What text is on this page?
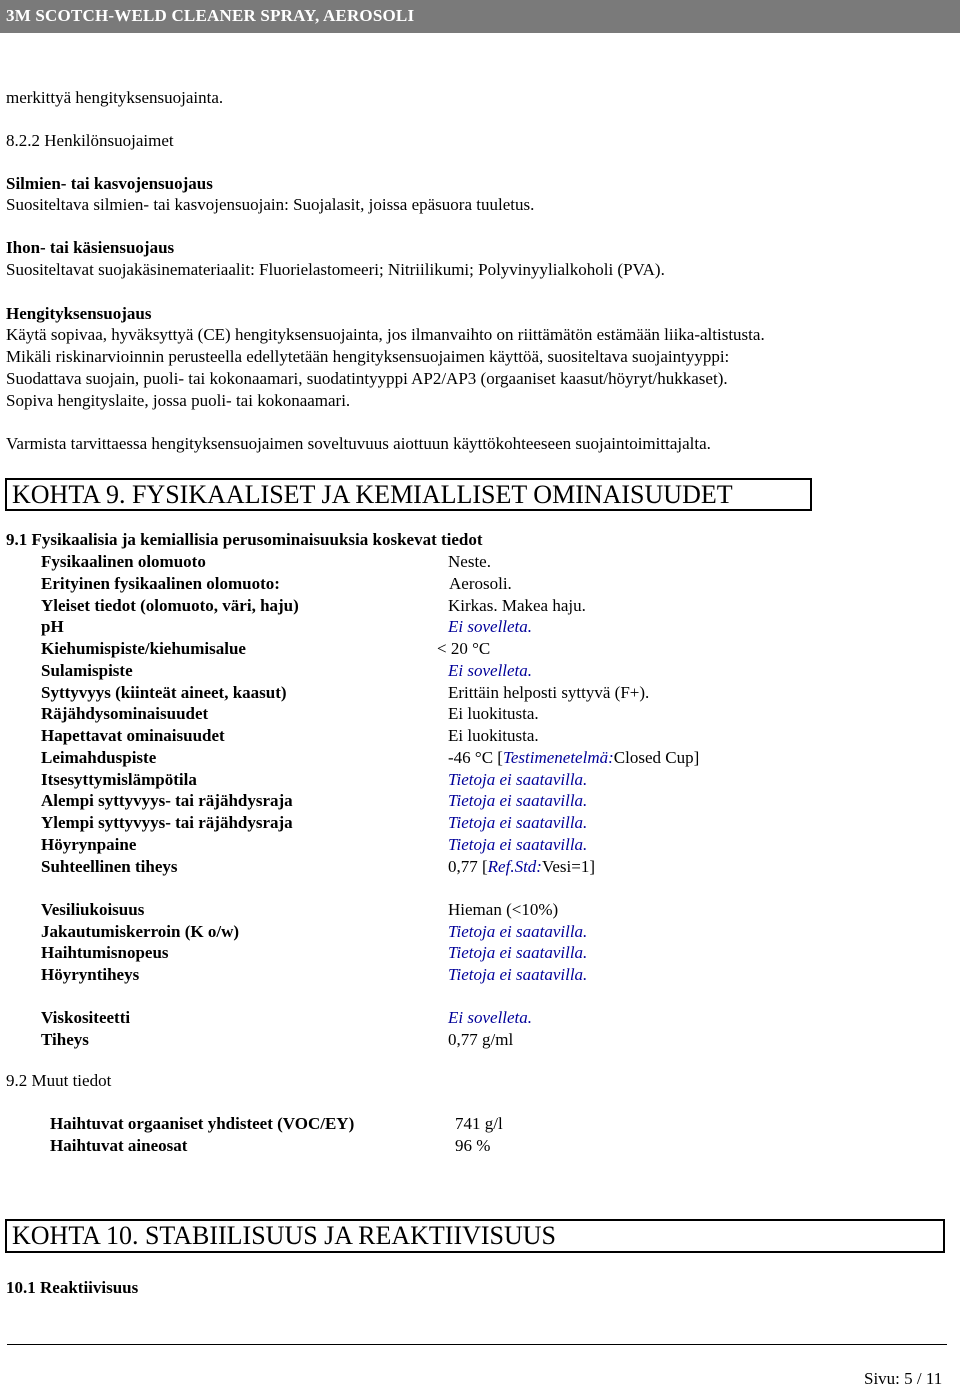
3M SCOTCH-WELD CLEANER SPRAY, AEROSOLI
merkittyä hengityksensuojainta.
8.2.2 Henkilönsuojaimet
Silmien- tai kasvojensuojaus
Suositeltava silmien- tai kasvojensuojain: Suojalasit, joissa epäsuora tuuletus.
Ihon- tai käsiensuojaus
Suositeltavat suojakäsinemateriaalit: Fluorielastomeeri; Nitriilikumi; Polyvinyylialkoholi (PVA).
Hengityksensuojaus
Käytä sopivaa, hyväksyttyä (CE) hengityksensuojainta, jos ilmanvaihto on riittämätön estämään liika-altistusta.
Mikäli riskinarvioinnin perusteella edellytetään hengityksensuojaimen käyttöä, suositeltava suojaintyyppi:
Suodattava suojain, puoli- tai kokonaamari, suodatintyyppi AP2/AP3 (orgaaniset kaasut/höyryt/hukkaset).
Sopiva hengityslaite, jossa puoli- tai kokonaamari.
Varmista tarvittaessa hengityksensuojaimen soveltuvuus aiottuun käyttökohteeseen suojaintoimittajalta.
KOHTA 9. FYSIKAALISET JA KEMIALLISET OMINAISUUDET
9.1 Fysikaalisia ja kemiallisia perusominaisuuksia koskevat tiedot
Fysikaalinen olomuoto	Neste.
Erityinen fysikaalinen olomuoto:	Aerosoli.
Yleiset tiedot (olomuoto, väri, haju)	Kirkas. Makea haju.
pH	Ei sovelleta.
Kiehumispiste/kiehumisalue	< 20 °C
Sulamispiste	Ei sovelleta.
Syttyvyys (kiinteät aineet, kaasut)	Erittäin helposti syttyvä (F+).
Räjähdysominaisuudet	Ei luokitusta.
Hapettavat ominaisuudet	Ei luokitusta.
Leimahduspiste	-46 °C [Testimenetelmä:Closed Cup]
Itsesyttymislämpötila	Tietoja ei saatavilla.
Alempi syttyvyys- tai räjähdysraja	Tietoja ei saatavilla.
Ylempi syttyvyys- tai räjähdysraja	Tietoja ei saatavilla.
Höyrynpaine	Tietoja ei saatavilla.
Suhteellinen tiheys	0,77 [Ref.Std:Vesi=1]
Vesiliukoisuus	Hieman (<10%)
Jakautumiskerroin (K o/w)	Tietoja ei saatavilla.
Haihtumisnopeus	Tietoja ei saatavilla.
Höyryntiheys	Tietoja ei saatavilla.
Viskositeetti	Ei sovelleta.
Tiheys	0,77 g/ml
9.2 Muut tiedot
Haihtuvat orgaaniset yhdisteet (VOC/EY)	741 g/l
Haihtuvat aineosat	96 %
KOHTA 10. STABIILISUUS JA REAKTIIVISUUS
10.1 Reaktiivisuus
Sivu: 5 / 11
